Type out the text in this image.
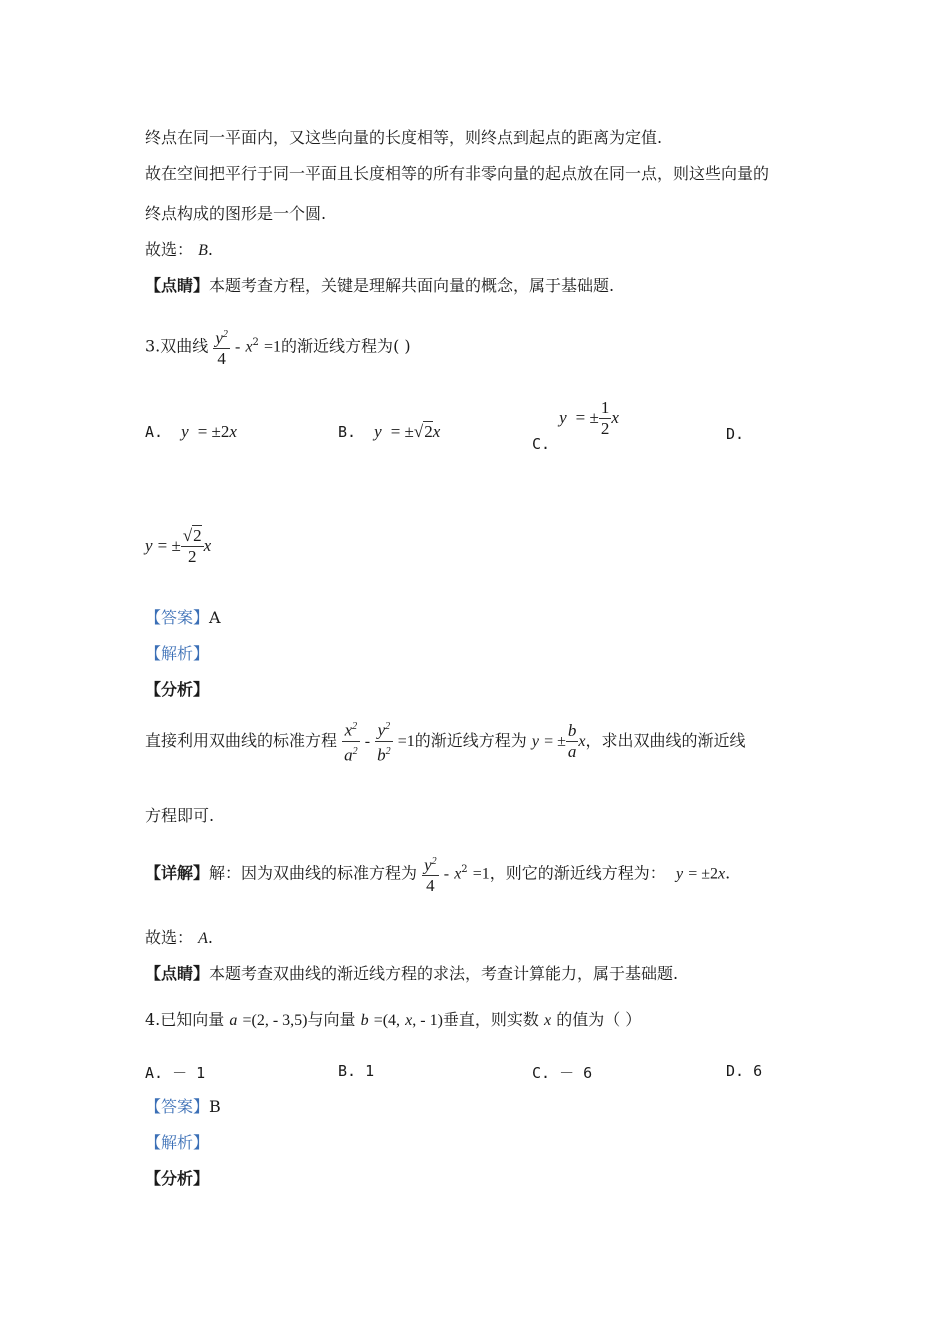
终点在同一平面内，又这些向量的长度相等，则终点到起点的距离为定值.
故在空间把平行于同一平面且长度相等的所有非零向量的起点放在同一点，则这些向量的
终点构成的图形是一个圆.
故选： B.
【点睛】本题考查方程，关键是理解共面向量的概念，属于基础题.
3.双曲线 $\frac{y^2}{4} - x^2 =1$的渐近线方程为( )
A. y = ±2x	B. y = ±√2x
C. y = ± $\frac{1}{2}$ x
D.
y = ± $\frac{√2}{2}$ x
【答案】A
【解析】
【分析】
直接利用双曲线的标准方程 $\frac{x^2}{a^2} - \frac{y^2}{b^2} =1$的渐近线方程为 y = ± $\frac{b}{a}$ x，求出双曲线的渐近线
方程即可.
【详解】解：因为双曲线的标准方程为 $\frac{y^2}{4} - x^2 =1$，则它的渐近线方程为： y = ±2x.
故选： A.
【点睛】本题考查双曲线的渐近线方程的求法，考查计算能力，属于基础题.
4.已知向量 a =(2, - 3,5)与向量 b =(4, x, - 1)垂直，则实数 x 的值为（ ）
A. － 1	B. 1	C. － 6	D. 6
【答案】B
【解析】
【分析】
